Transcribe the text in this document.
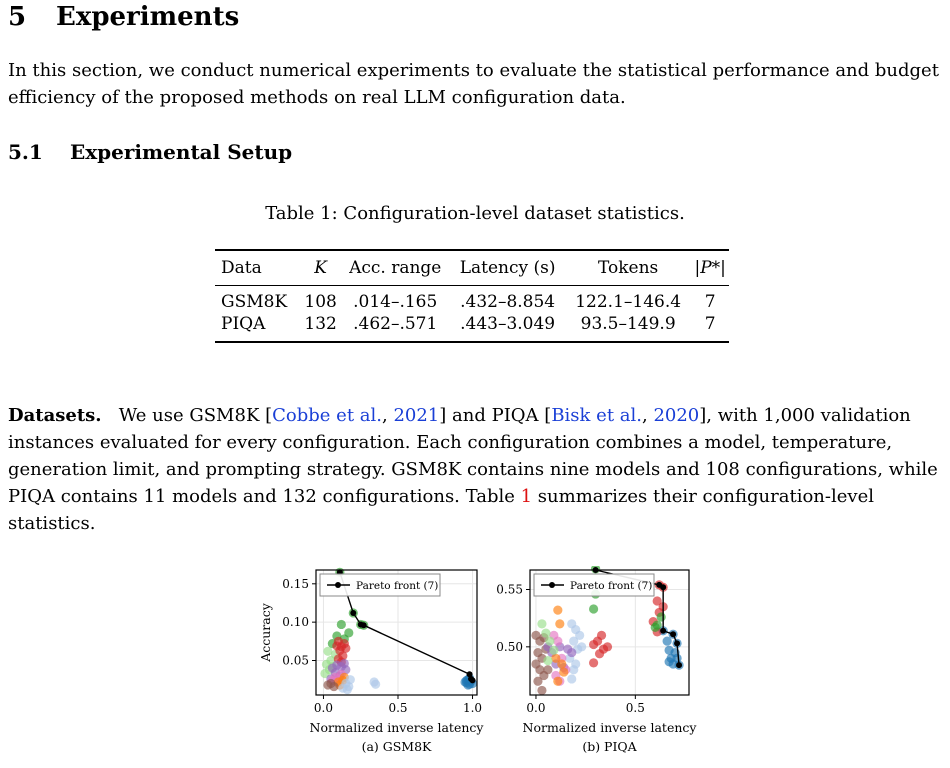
5 Experiments
In this section, we conduct numerical experiments to evaluate the statistical performance and budget efficiency of the proposed methods on real LLM configuration data.
5.1 Experimental Setup
Table 1: Configuration-level dataset statistics.
Data	K	Acc. range	Latency (s)	Tokens	|P*|
GSM8K	108	.014–.165	.432–8.854	122.1–146.4	7
PIQA	132	.462–.571	.443–3.049	93.5–149.9	7
Datasets. We use GSM8K [Cobbe et al., 2021] and PIQA [Bisk et al., 2020], with 1,000 validation instances evaluated for every configuration. Each configuration combines a model, temperature, generation limit, and prompting strategy. GSM8K contains nine models and 108 configurations, while PIQA contains 11 models and 132 configurations. Table 1 summarizes their configuration-level statistics.
0.0	0.5	1.0
0.05
0.10
0.15	Pareto front (7)
Normalized inverse latency
Accuracy
(a) GSM8K
0.0	0.5
0.50
0.55	Pareto front (7)
Normalized inverse latency
(b) PIQA
